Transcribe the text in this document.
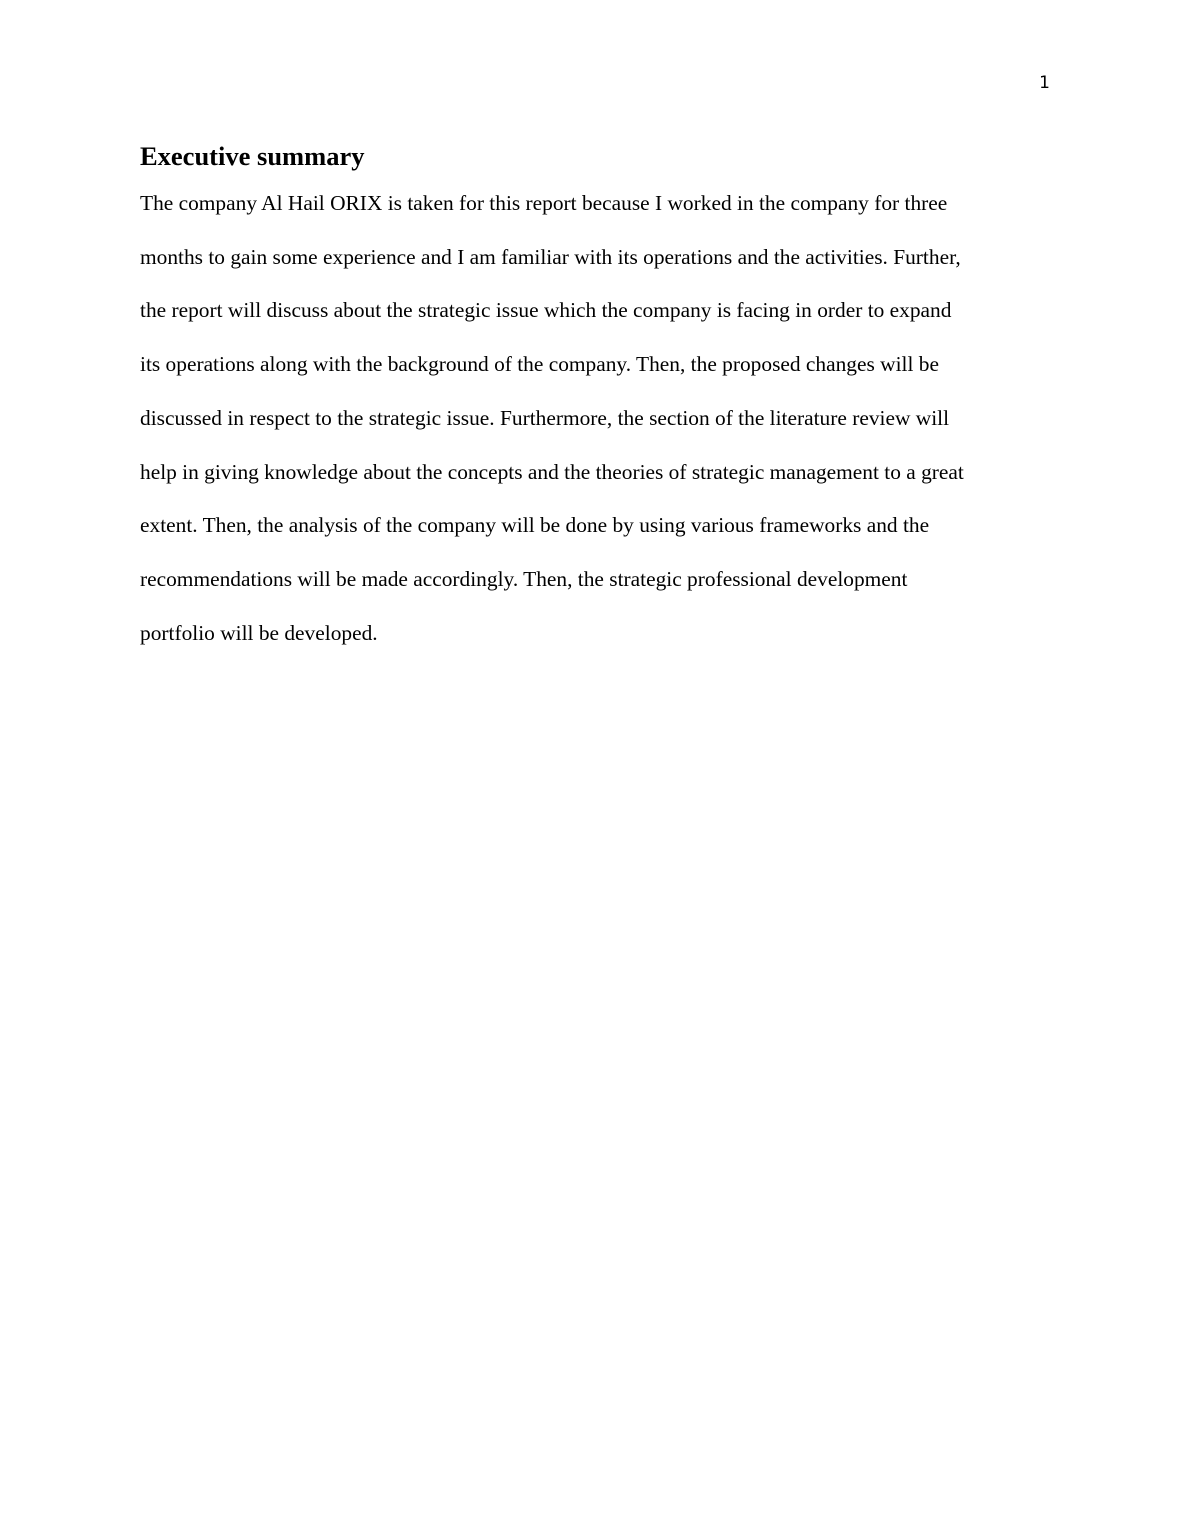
1
Executive summary

The company Al Hail ORIX is taken for this report because I worked in the company for three
months to gain some experience and I am familiar with its operations and the activities. Further,
the report will discuss about the strategic issue which the company is facing in order to expand
its operations along with the background of the company. Then, the proposed changes will be
discussed in respect to the strategic issue. Furthermore, the section of the literature review will
help in giving knowledge about the concepts and the theories of strategic management to a great
extent. Then, the analysis of the company will be done by using various frameworks and the
recommendations will be made accordingly. Then, the strategic professional development
portfolio will be developed.
